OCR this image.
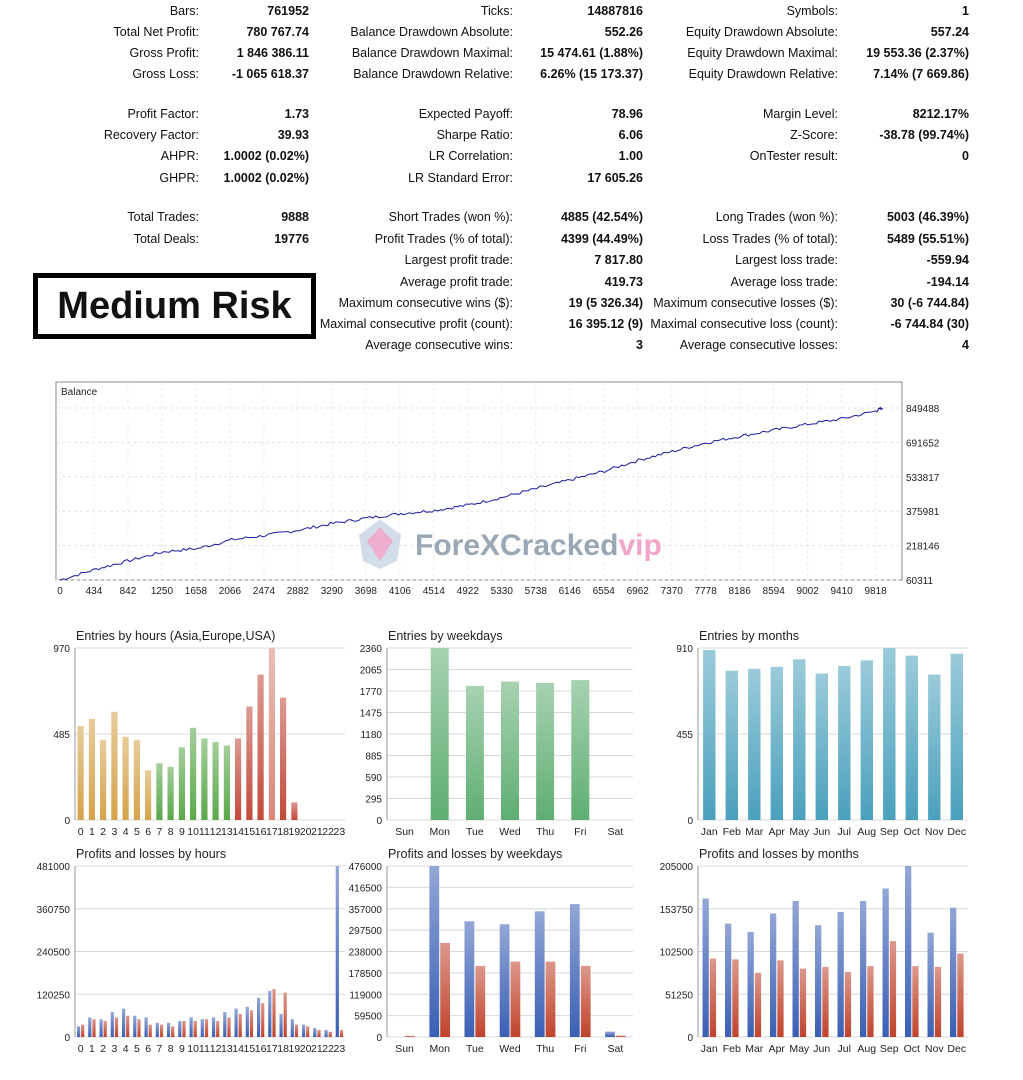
Bars:	761952
Total Net Profit:	780 767.74
Gross Profit:	1 846 386.11
Gross Loss:	-1 065 618.37
Profit Factor:	1.73
Recovery Factor:	39.93
AHPR: 1.0002 (0.02%)
GHPR: 1.0002 (0.02%)
Total Trades:	9888
Total Deals:	19776
Ticks:	14887816
Balance Drawdown Absolute:	552.26
Balance Drawdown Maximal: 15 474.61 (1.88%)
Balance Drawdown Relative: 6.26% (15 173.37)
Expected Payoff:	78.96
Sharpe Ratio:	6.06
LR Correlation:	1.00
LR Standard Error:	17 605.26
Short Trades (won %):	4885 (42.54%)
Profit Trades (% of total):	4399 (44.49%)
Largest profit trade:	7 817.80
Average profit trade:	419.73
Maximum consecutive wins ($):	19 (5 326.34)
Maximal consecutive profit (count):	16 395.12 (9)
Average consecutive wins:	3
Symbols:	1
Equity Drawdown Absolute:	557.24
Equity Drawdown Maximal: 19 553.36 (2.37%)
Equity Drawdown Relative:	7.14% (7 669.86)
Margin Level:	8212.17%
Z-Score:	-38.78 (99.74%)
OnTester result:	0
Long Trades (won %):	5003 (46.39%)
Loss Trades (% of total):	5489 (55.51%)
Largest loss trade:	-559.94
Average loss trade:	-194.14
Maximum consecutive losses ($):	30 (-6 744.84)
Maximal consecutive loss (count):	-6 744.84 (30)
Average consecutive losses:	4
Medium Risk
849488
691652
533817
375981
218146
60311
0 434 842 1250 1658 2066 2474 2882 3290 3698 4106 4514 4922 5330 5738 6146 6554 6962 7370 7778 8186 8594 9002 9410 9818
Balance
Entries by hours (Asia,Europe,USA)
970
485
0
0 1 2 3 4 5 6 7 8 9 10 11 12 13 14 15 16 17 18 19 20 21 22 23
Entries by weekdays
2360
2065
1770
1475
1180
885
590
295
0
Sun Mon Tue Wed Thu Fri Sat
Entries by months
910
455
0
Jan Feb Mar Apr May Jun Jul Aug Sep Oct Nov Dec
Profits and losses by hours
481000
360750
240500
120250
0
0 1 2 3 4 5 6 7 8 9 10 11 12 13 14 15 16 17 18 19 20 21 22 23
Profits and losses by weekdays
476000
416500
357000
297500
238000
178500
119000
59500
0
Sun Mon Tue Wed Thu Fri Sat
Profits and losses by months
205000
153750
102500
51250
0
Jan Feb Mar Apr May Jun Jul Aug Sep Oct Nov Dec
ForeXCrackedvip
